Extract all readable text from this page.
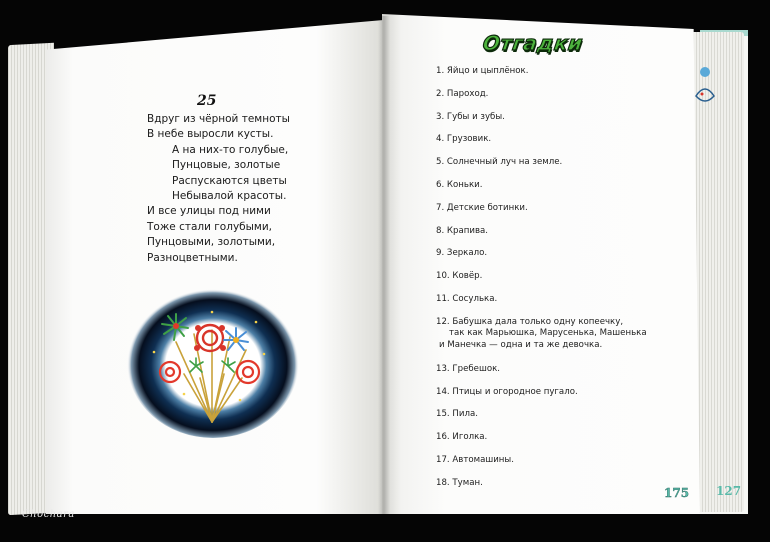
25
Вдруг из чёрной темноты
В небе выросли кусты.
А на них-то голубые,
Пунцовые, золотые
Распускаются цветы
Небывалой красоты.
И все улицы под ними
Тоже стали голубыми,
Пунцовыми, золотыми,
Разноцветными.
Отгадки
1. Яйцо и цыплёнок.
2. Пароход.
3. Губы и зубы.
4. Грузовик.
5. Солнечный луч на земле.
6. Коньки.
7. Детские ботинки.
8. Крапива.
9. Зеркало.
10. Ковёр.
11. Сосулька.
12. Бабушка дала только одну копеечку,
так как Марьюшка, Марусенька, Машенька
и Манечка — одна и та же девочка.
13. Гребешок.
14. Птицы и огородное пугало.
15. Пила.
16. Иголка.
17. Автомашины.
18. Туман.
175 127
Chochara
